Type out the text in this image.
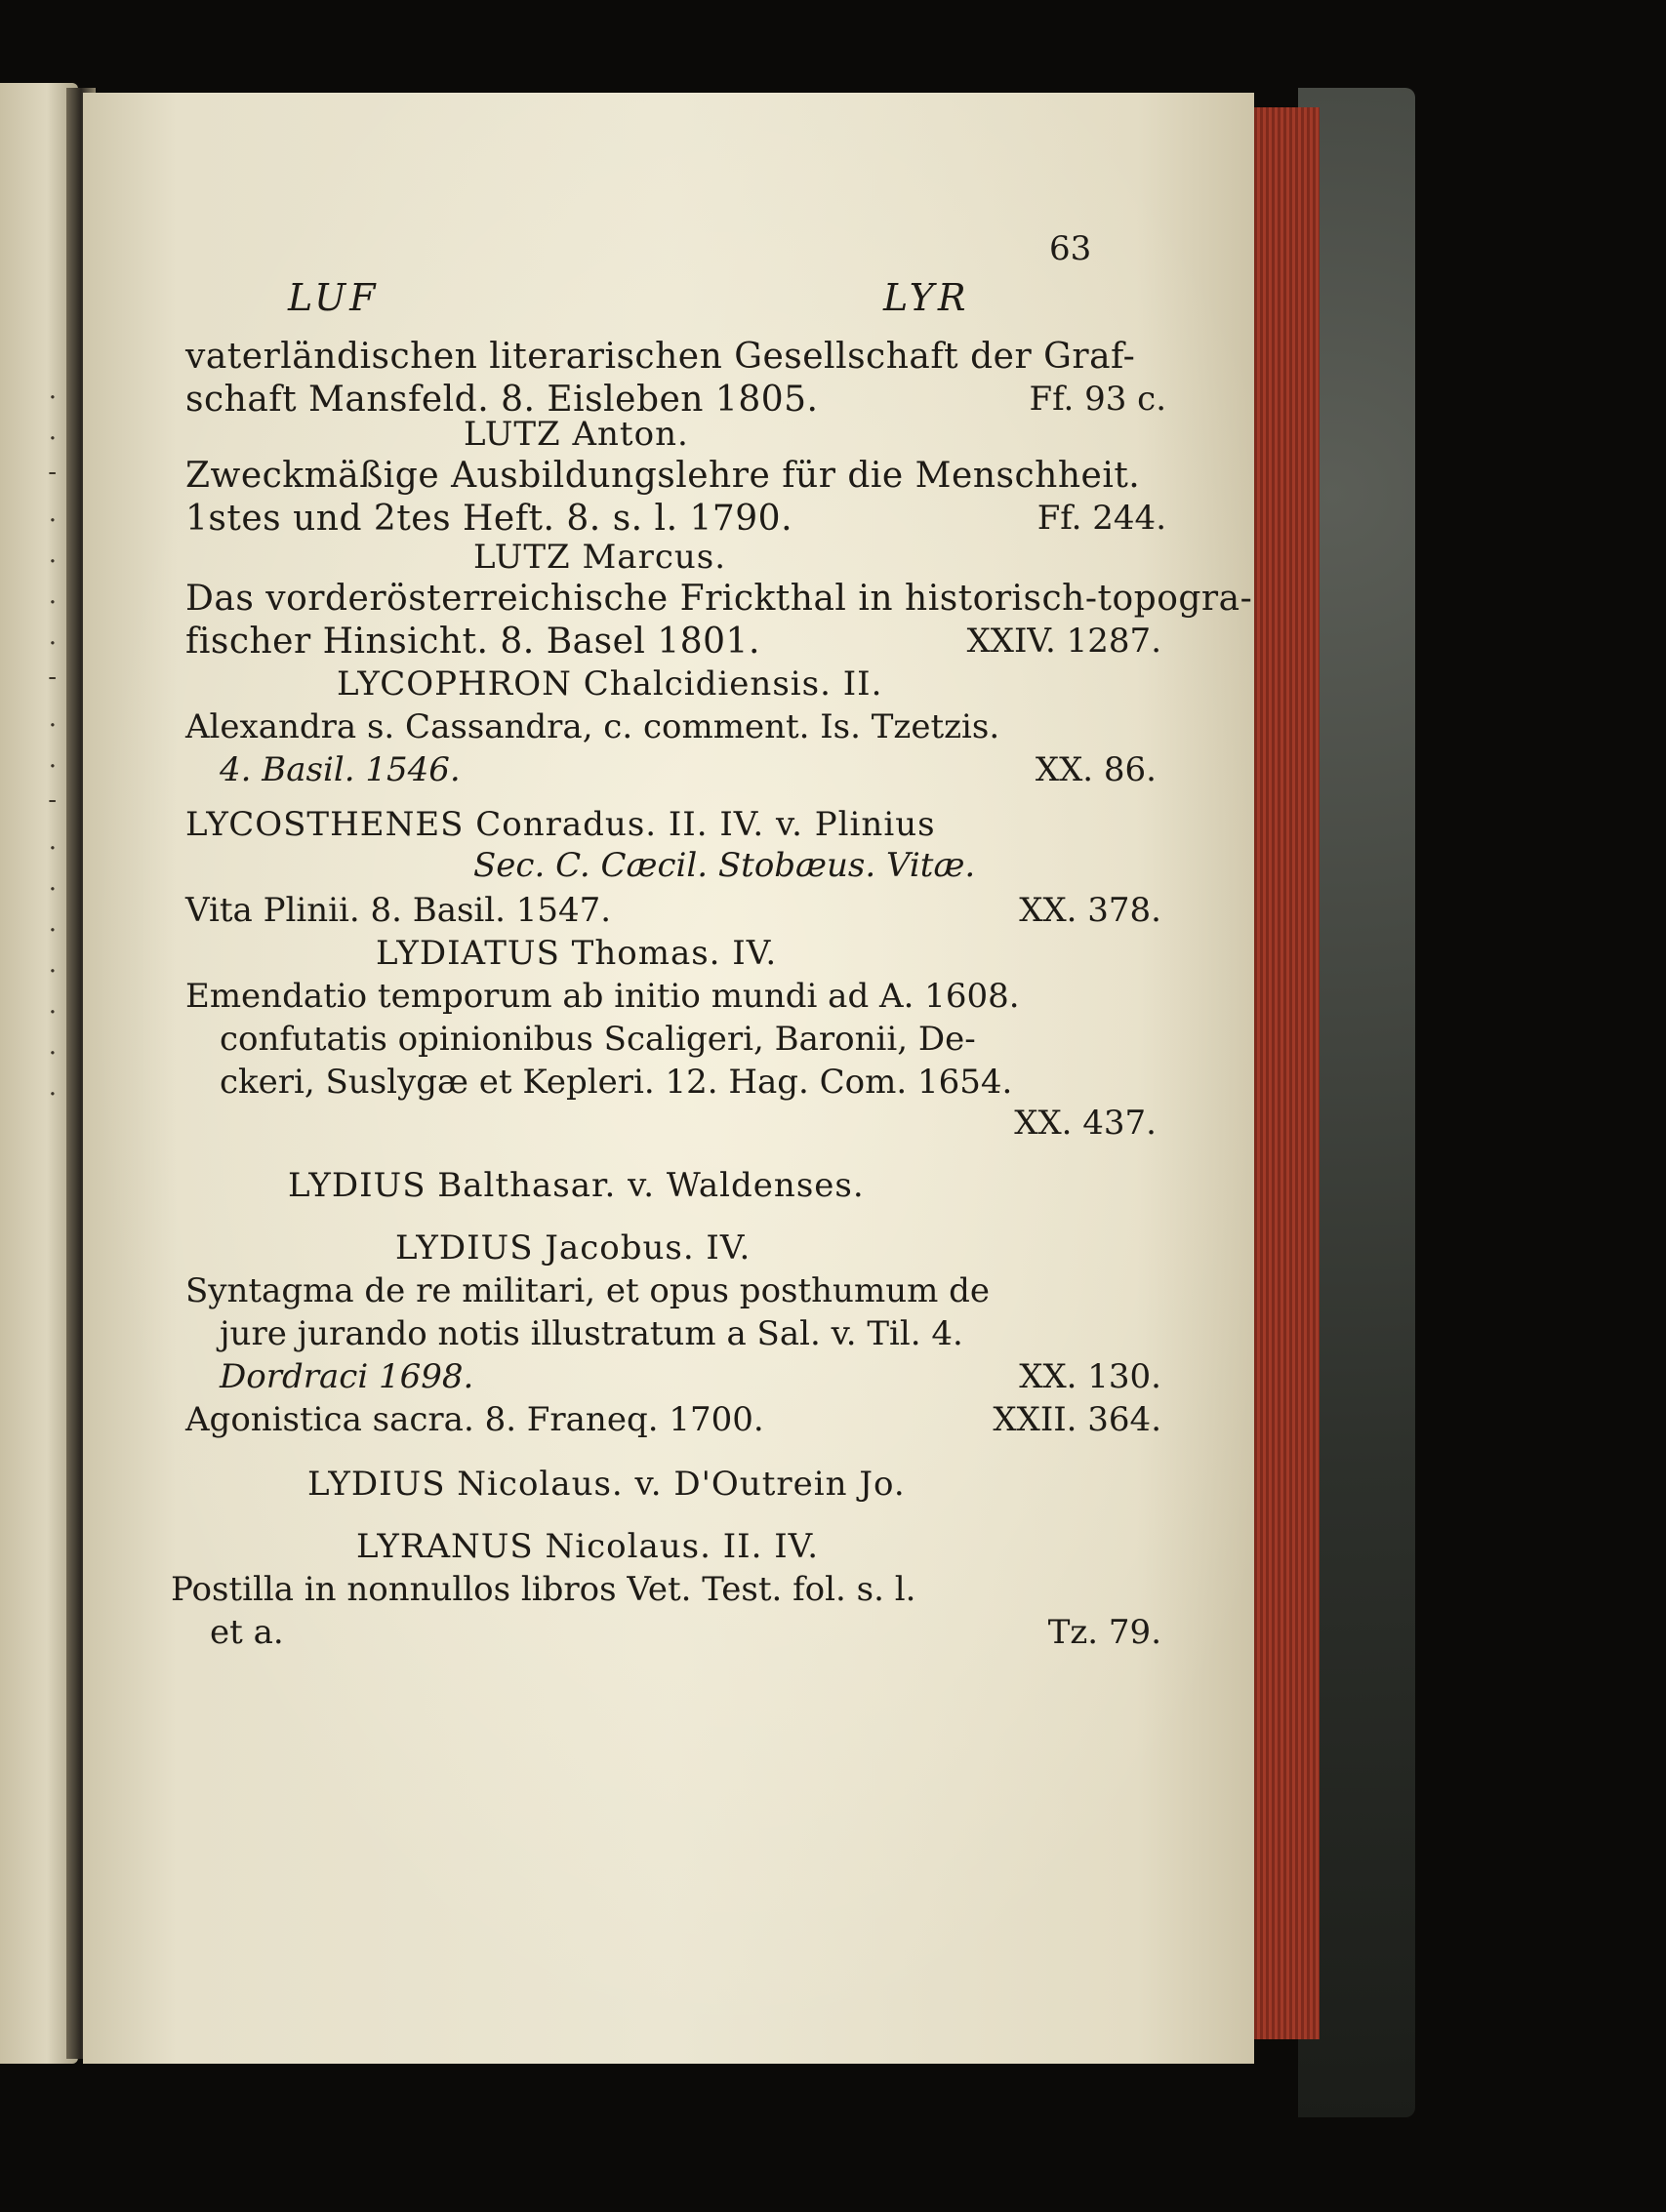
.
.
-
.
.
.
.
-
.
.
-
.
.
.
.
.
.
.
63
LUF	LYR
vaterländischen literarischen Gesellschaft der Graf-
schaft Mansfeld. 8. Eisleben 1805.	Ff. 93 c.
LUTZ Anton.
Zweckmäßige Ausbildungslehre für die Menschheit.
1stes und 2tes Heft. 8. s. l. 1790.	Ff. 244.
LUTZ Marcus.
Das vorderösterreichische Frickthal in historisch-topogra-
fischer Hinsicht. 8. Basel 1801.	XXIV. 1287.
LYCOPHRON Chalcidiensis. II.
Alexandra s. Cassandra, c. comment. Is. Tzetzis.
4. Basil. 1546.	XX. 86.
LYCOSTHENES Conradus. II. IV. v. Plinius
Sec. C. Cæcil. Stobæus. Vitæ.
Vita Plinii. 8. Basil. 1547.	XX. 378.
LYDIATUS Thomas. IV.
Emendatio temporum ab initio mundi ad A. 1608.
confutatis opinionibus Scaligeri, Baronii, De-
ckeri, Suslygæ et Kepleri. 12. Hag. Com. 1654.
XX. 437.
LYDIUS Balthasar. v. Waldenses.
LYDIUS Jacobus. IV.
Syntagma de re militari, et opus posthumum de
jure jurando notis illustratum a Sal. v. Til. 4.
Dordraci 1698.	XX. 130.
Agonistica sacra. 8. Franeq. 1700.	XXII. 364.
LYDIUS Nicolaus. v. D'Outrein Jo.
LYRANUS Nicolaus. II. IV.
Postilla in nonnullos libros Vet. Test. fol. s. l.
et a.	Tz. 79.
